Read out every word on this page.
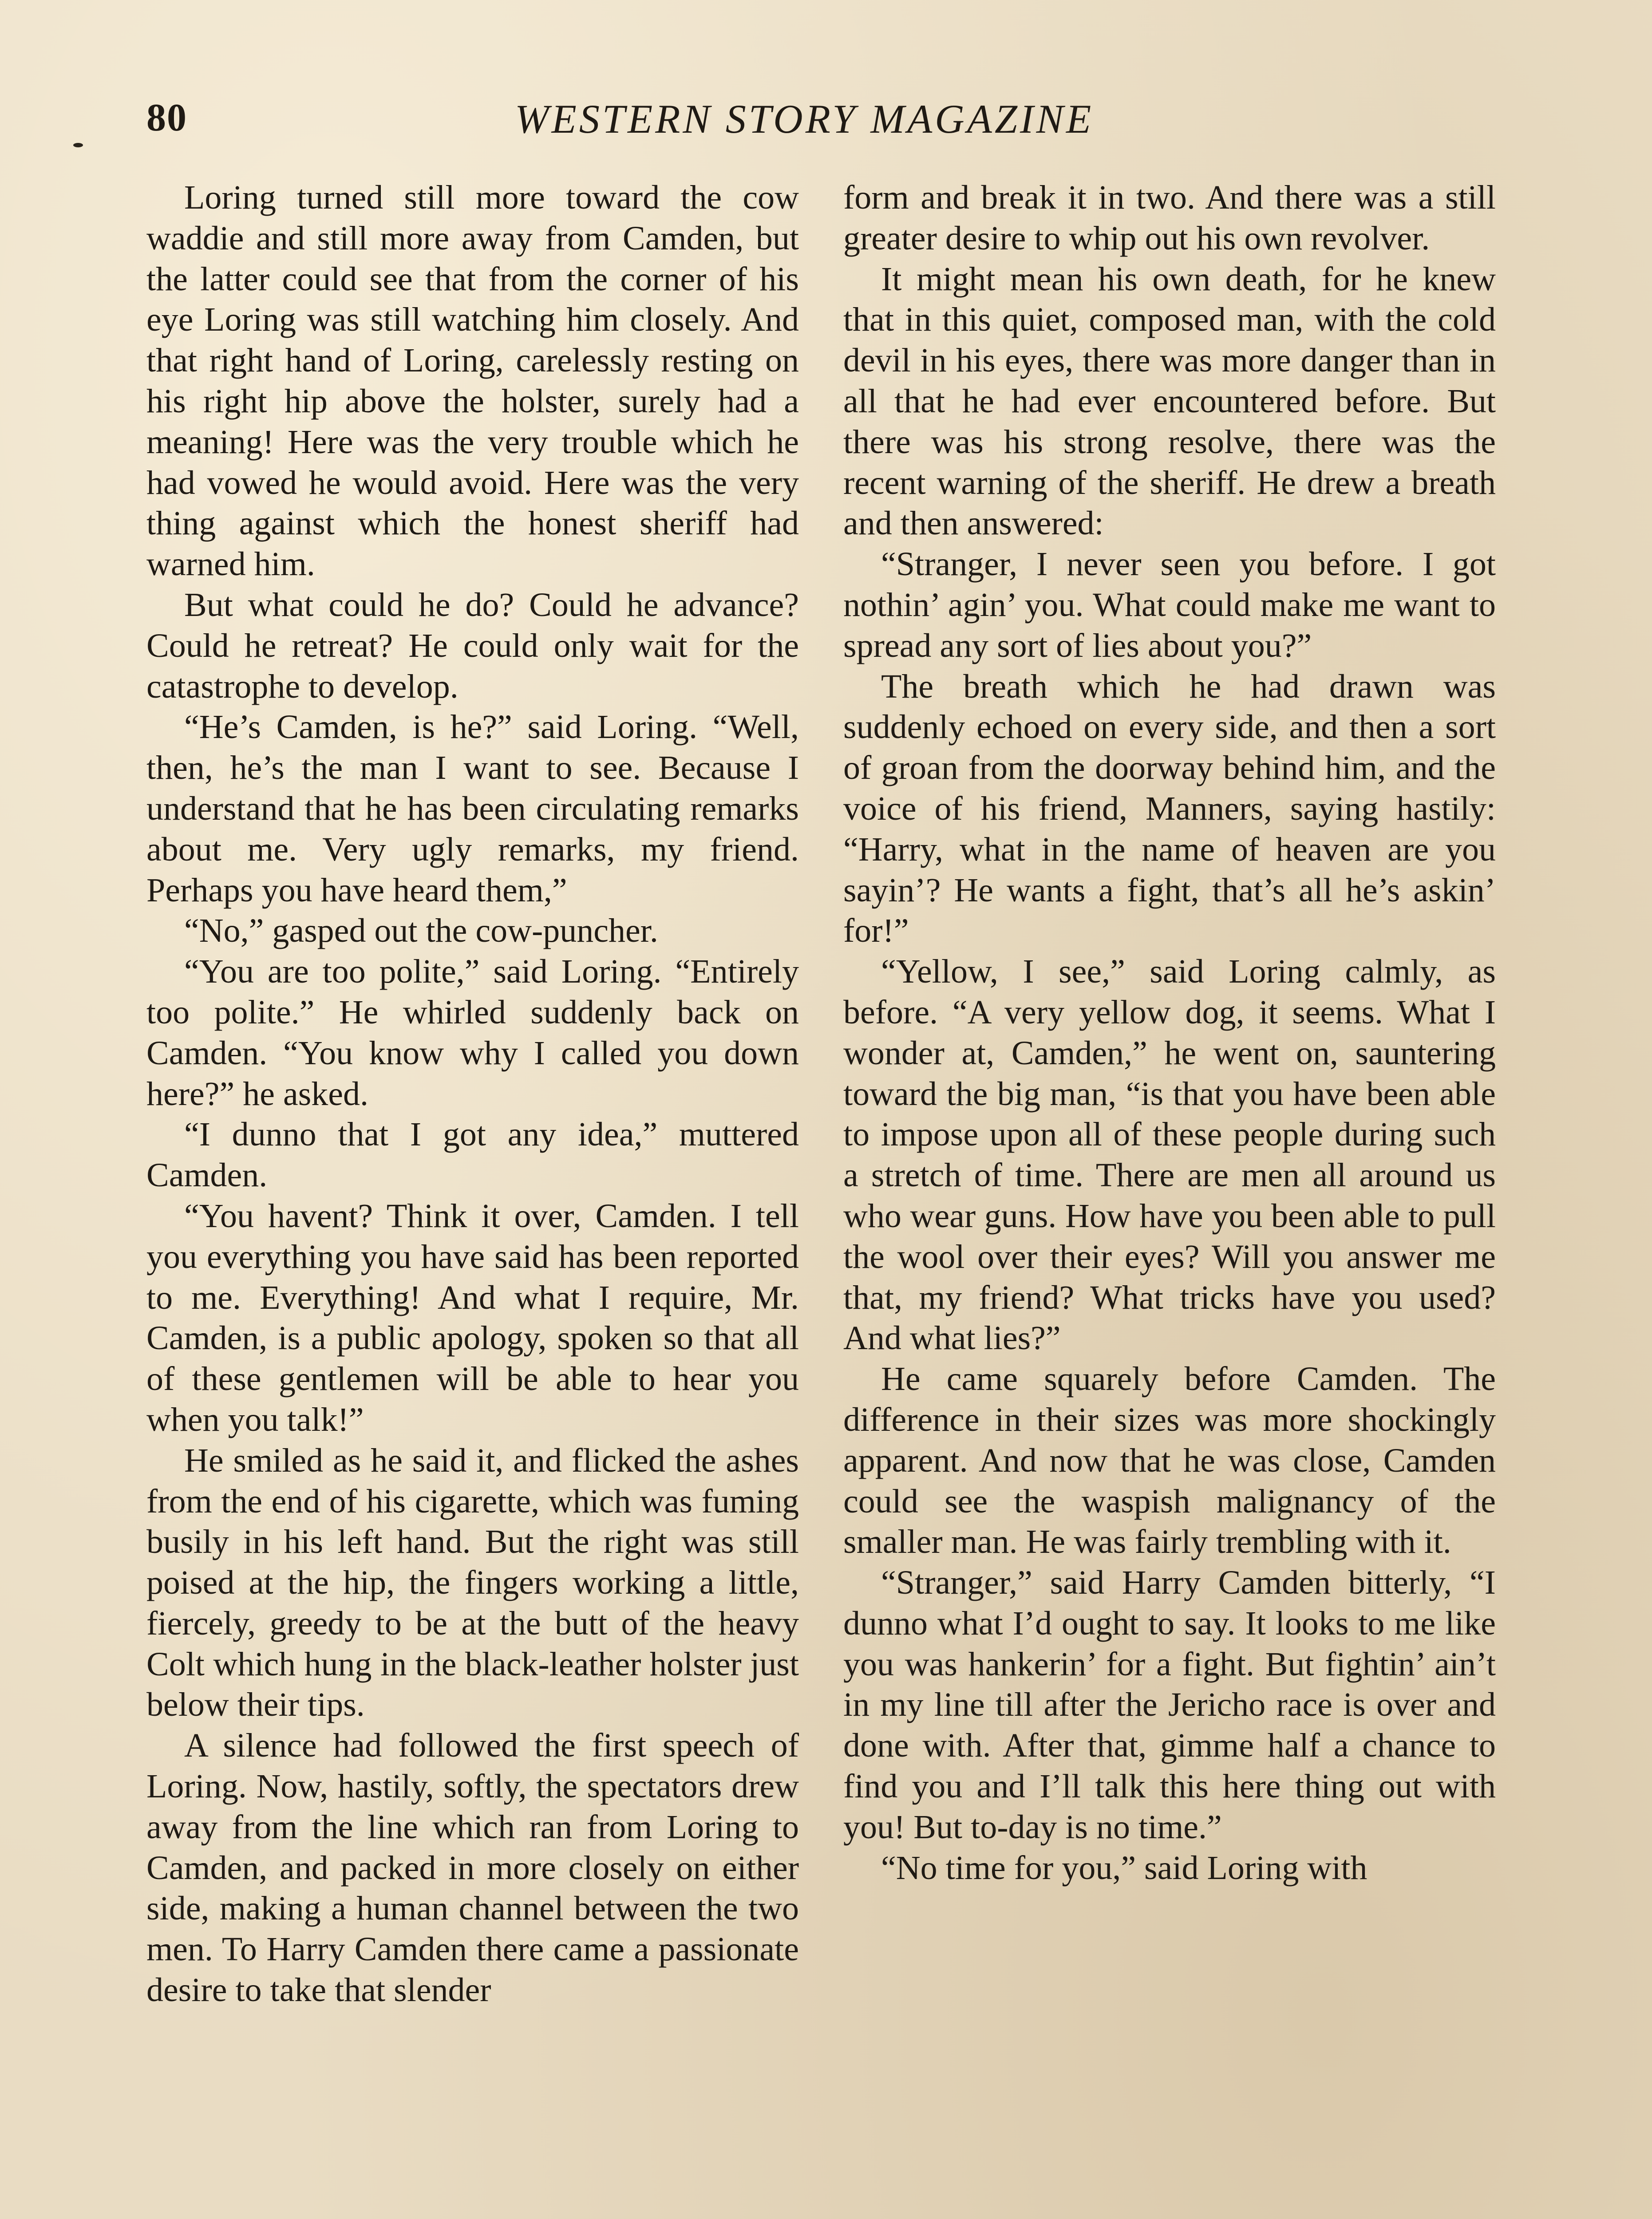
80	WESTERN STORY MAGAZINE

Loring turned still more toward the cow waddie and still more away from Camden, but the latter could see that from the corner of his eye Loring was still watching him closely. And that right hand of Loring, carelessly resting on his right hip above the holster, surely had a meaning! Here was the very trouble which he had vowed he would avoid. Here was the very thing against which the honest sheriff had warned him.

But what could he do? Could he advance? Could he retreat? He could only wait for the catastrophe to develop.

“He’s Camden, is he?” said Loring. “Well, then, he’s the man I want to see. Because I understand that he has been circulating remarks about me. Very ugly remarks, my friend. Perhaps you have heard them,”

“No,” gasped out the cow-puncher.

“You are too polite,” said Loring. “Entirely too polite.” He whirled suddenly back on Camden. “You know why I called you down here?” he asked.

“I dunno that I got any idea,” muttered Camden.

“You havent? Think it over, Camden. I tell you everything you have said has been reported to me. Everything! And what I require, Mr. Camden, is a public apology, spoken so that all of these gentlemen will be able to hear you when you talk!”

He smiled as he said it, and flicked the ashes from the end of his cigarette, which was fuming busily in his left hand. But the right was still poised at the hip, the fingers working a little, fiercely, greedy to be at the butt of the heavy Colt which hung in the black-leather holster just below their tips.

A silence had followed the first speech of Loring. Now, hastily, softly, the spectators drew away from the line which ran from Loring to Camden, and packed in more closely on either side, making a human channel between the two men. To Harry Camden there came a passionate desire to take that slender

form and break it in two. And there was a still greater desire to whip out his own revolver.

It might mean his own death, for he knew that in this quiet, composed man, with the cold devil in his eyes, there was more danger than in all that he had ever encountered before. But there was his strong resolve, there was the recent warning of the sheriff. He drew a breath and then answered:

“Stranger, I never seen you before. I got nothin’ agin’ you. What could make me want to spread any sort of lies about you?”

The breath which he had drawn was suddenly echoed on every side, and then a sort of groan from the doorway behind him, and the voice of his friend, Manners, saying hastily: “Harry, what in the name of heaven are you sayin’? He wants a fight, that’s all he’s askin’ for!”

“Yellow, I see,” said Loring calmly, as before. “A very yellow dog, it seems. What I wonder at, Camden,” he went on, sauntering toward the big man, “is that you have been able to impose upon all of these people during such a stretch of time. There are men all around us who wear guns. How have you been able to pull the wool over their eyes? Will you answer me that, my friend? What tricks have you used? And what lies?”

He came squarely before Camden. The difference in their sizes was more shockingly apparent. And now that he was close, Camden could see the waspish malignancy of the smaller man. He was fairly trembling with it.

“Stranger,” said Harry Camden bitterly, “I dunno what I’d ought to say. It looks to me like you was hankerin’ for a fight. But fightin’ ain’t in my line till after the Jericho race is over and done with. After that, gimme half a chance to find you and I’ll talk this here thing out with you! But to-day is no time.”

“No time for you,” said Loring with
